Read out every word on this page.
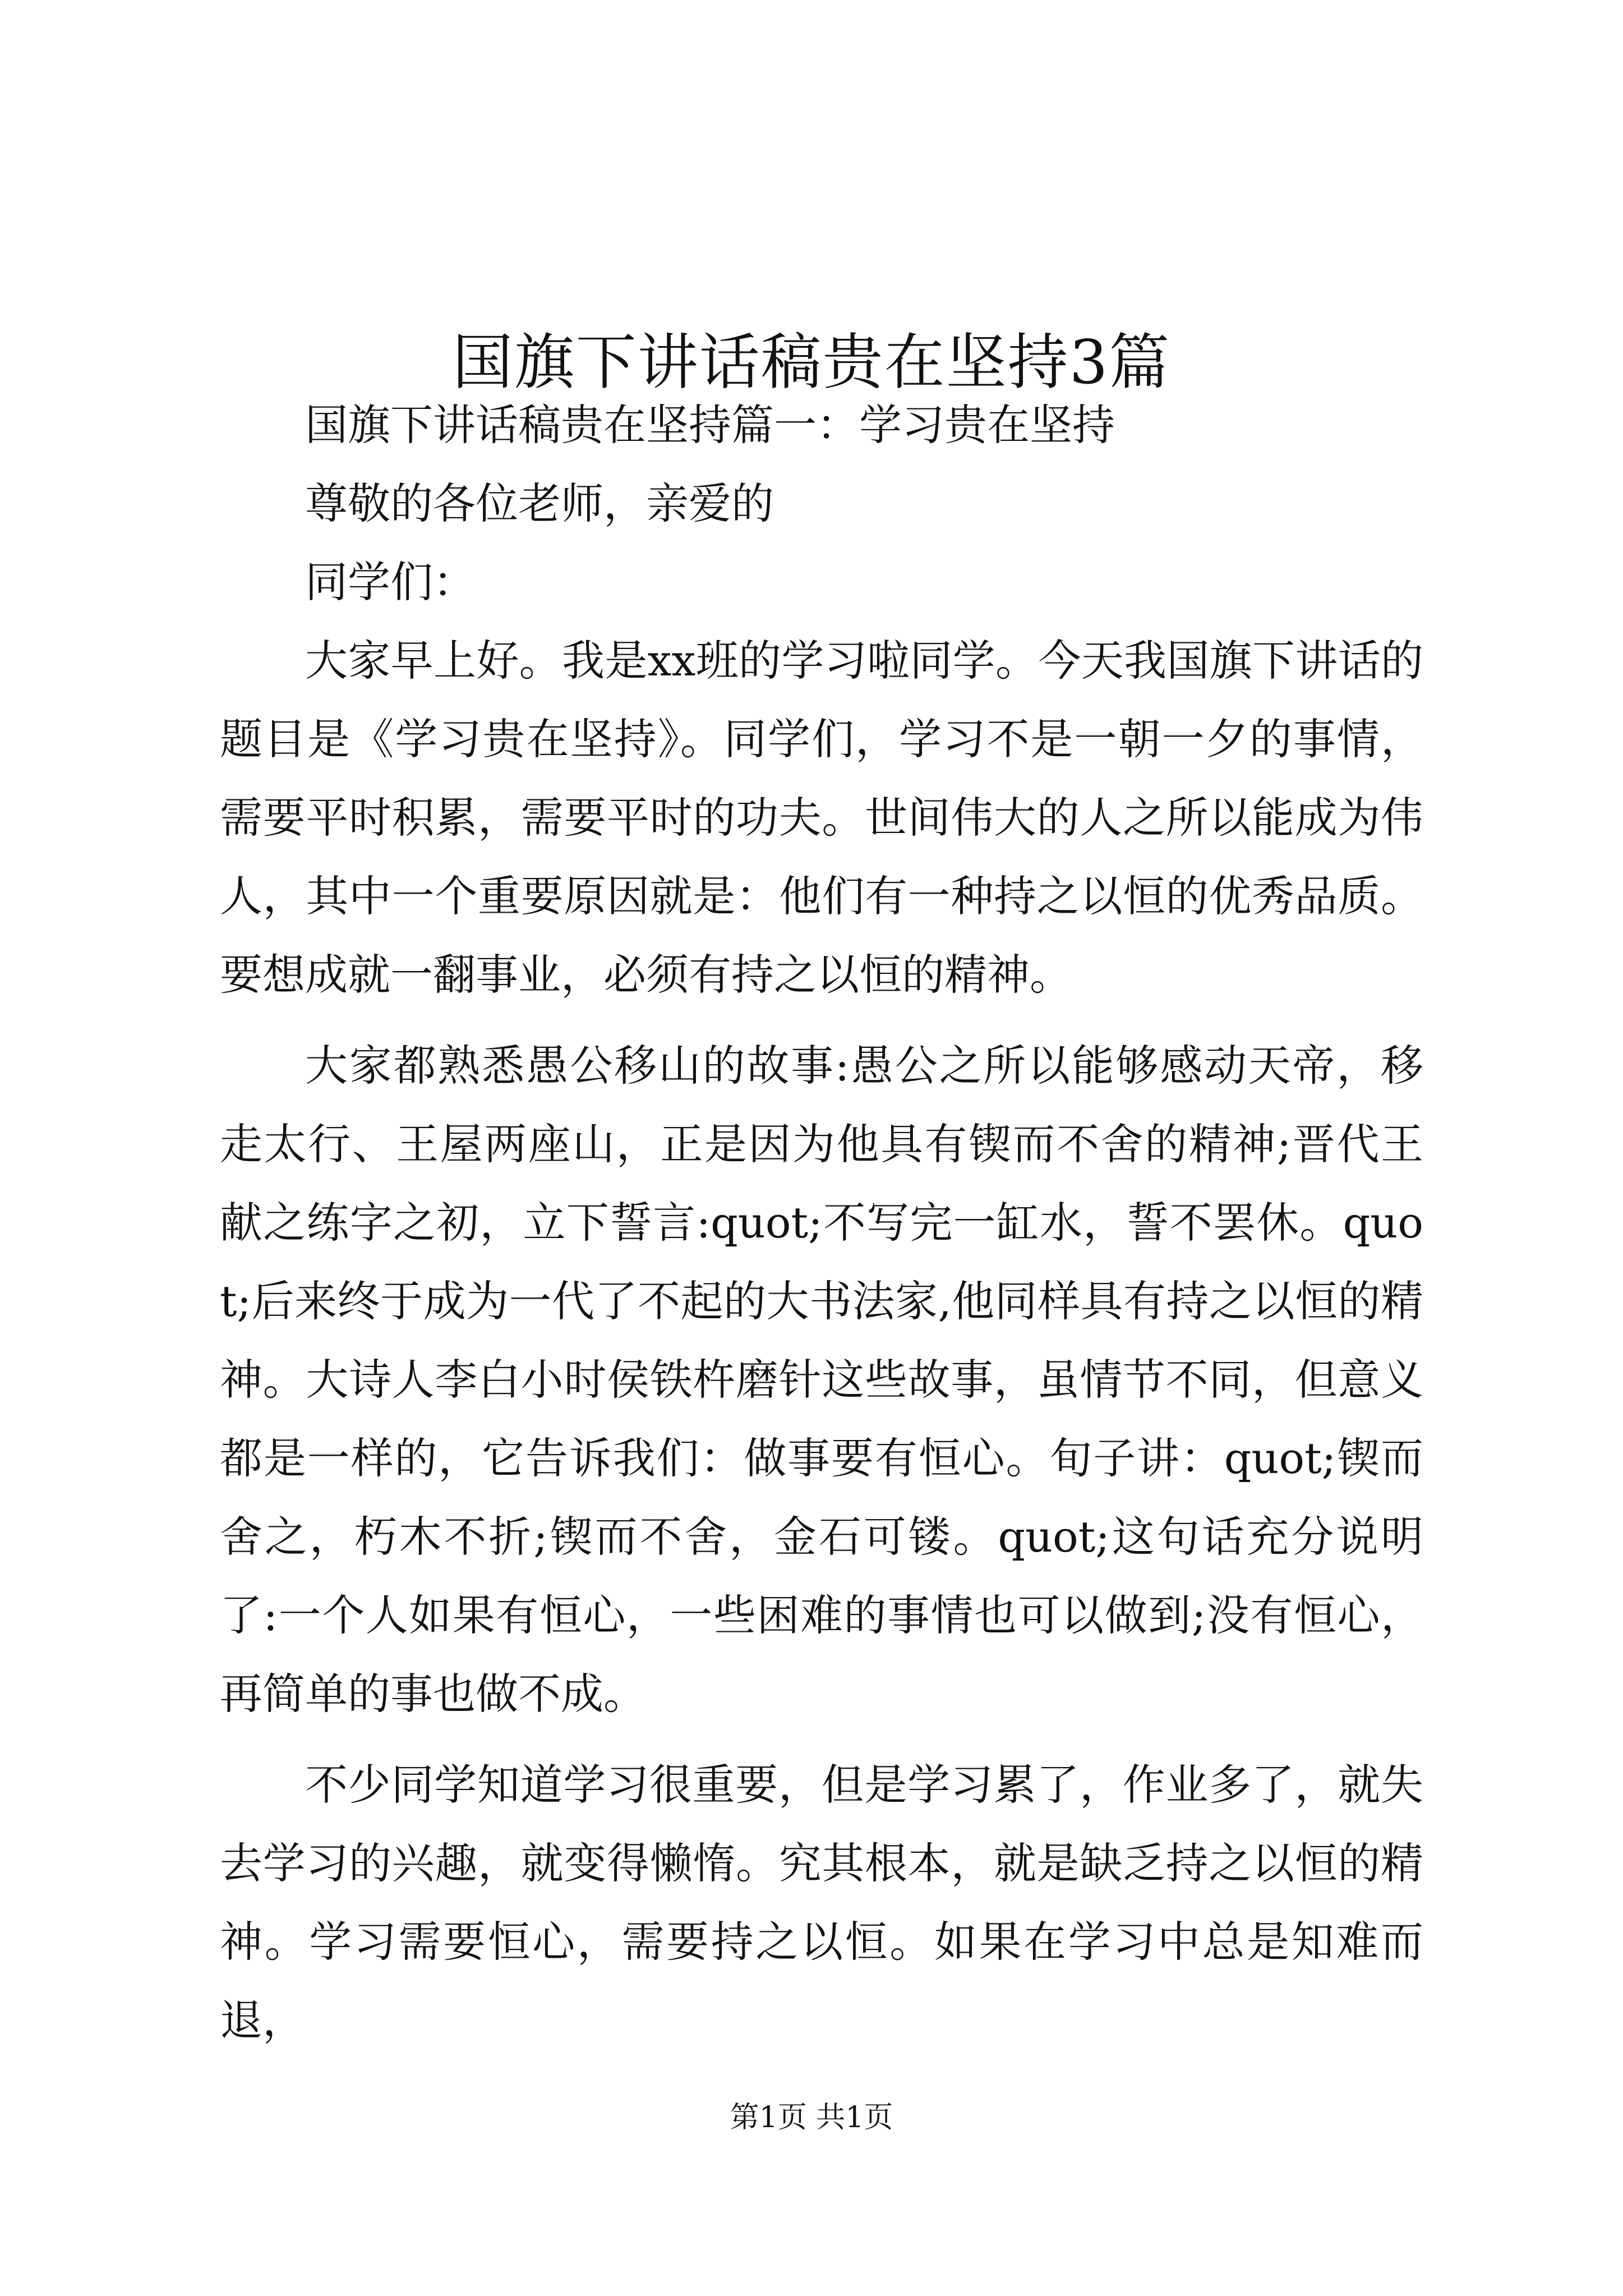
国旗下讲话稿贵在坚持3篇

国旗下讲话稿贵在坚持篇一：学习贵在坚持

尊敬的各位老师，亲爱的

同学们：

大家早上好。我是xx班的学习啦同学。今天我国旗下讲话的题目是《学习贵在坚持》。同学们，学习不是一朝一夕的事情，需要平时积累，需要平时的功夫。世间伟大的人之所以能成为伟人，其中一个重要原因就是：他们有一种持之以恒的优秀品质。要想成就一翻事业，必须有持之以恒的精神。

大家都熟悉愚公移山的故事:愚公之所以能够感动天帝，移走太行、王屋两座山，正是因为他具有锲而不舍的精神;晋代王献之练字之初，立下誓言:quot;不写完一缸水，誓不罢休。quot;后来终于成为一代了不起的大书法家,他同样具有持之以恒的精神。大诗人李白小时侯铁杵磨针这些故事，虽情节不同，但意义都是一样的，它告诉我们：做事要有恒心。旬子讲：quot;锲而舍之，朽木不折;锲而不舍，金石可镂。quot;这句话充分说明了:一个人如果有恒心，一些困难的事情也可以做到;没有恒心，再简单的事也做不成。

不少同学知道学习很重要，但是学习累了，作业多了，就失去学习的兴趣，就变得懒惰。究其根本，就是缺乏持之以恒的精神。学习需要恒心，需要持之以恒。如果在学习中总是知难而退，

第1页 共1页
